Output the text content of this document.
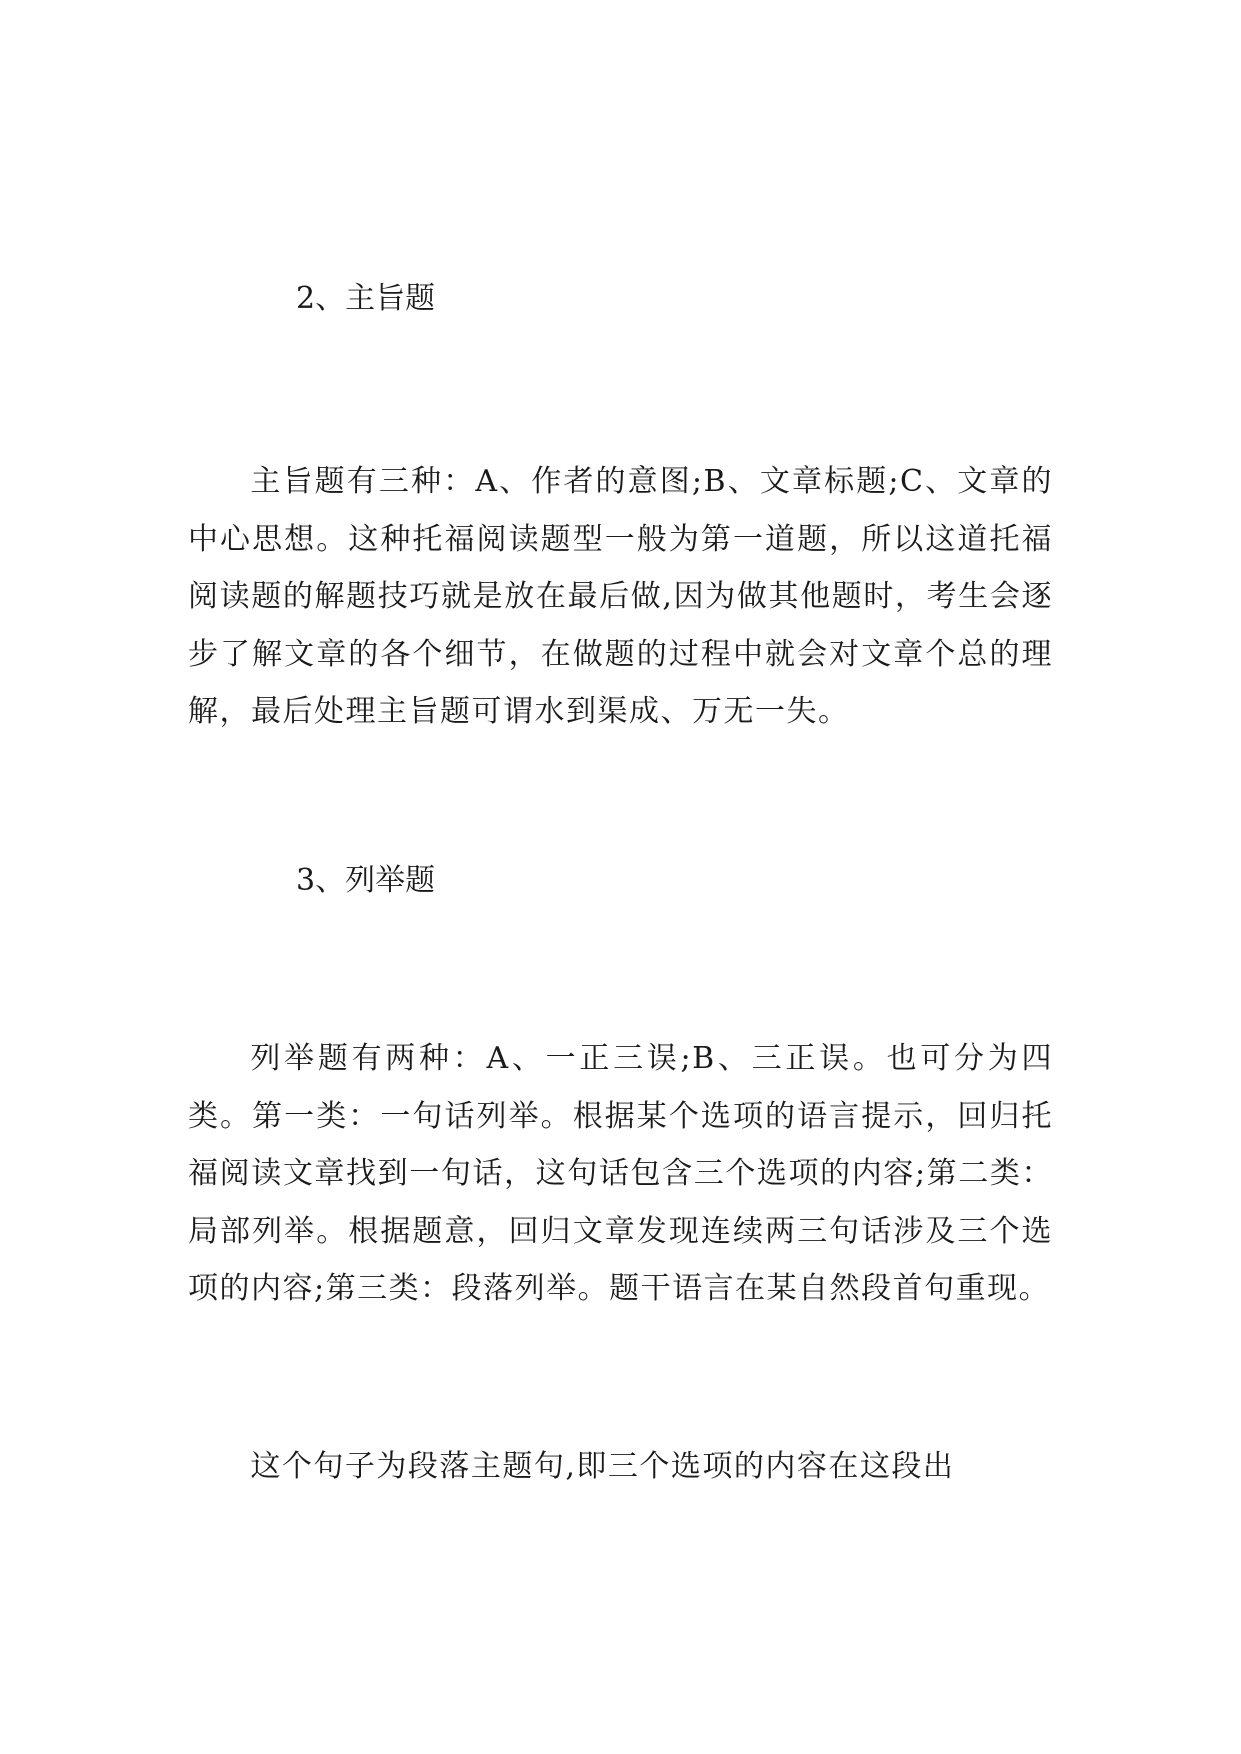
2、主旨题

主旨题有三种：A、作者的意图;B、文章标题;C、文章的中心思想。这种托福阅读题型一般为第一道题，所以这道托福阅读题的解题技巧就是放在最后做,因为做其他题时，考生会逐步了解文章的各个细节，在做题的过程中就会对文章个总的理解，最后处理主旨题可谓水到渠成、万无一失。

3、列举题

列举题有两种：A、一正三误;B、三正误。也可分为四类。第一类：一句话列举。根据某个选项的语言提示，回归托福阅读文章找到一句话，这句话包含三个选项的内容;第二类：局部列举。根据题意，回归文章发现连续两三句话涉及三个选项的内容;第三类：段落列举。题干语言在某自然段首句重现。

这个句子为段落主题句,即三个选项的内容在这段出
